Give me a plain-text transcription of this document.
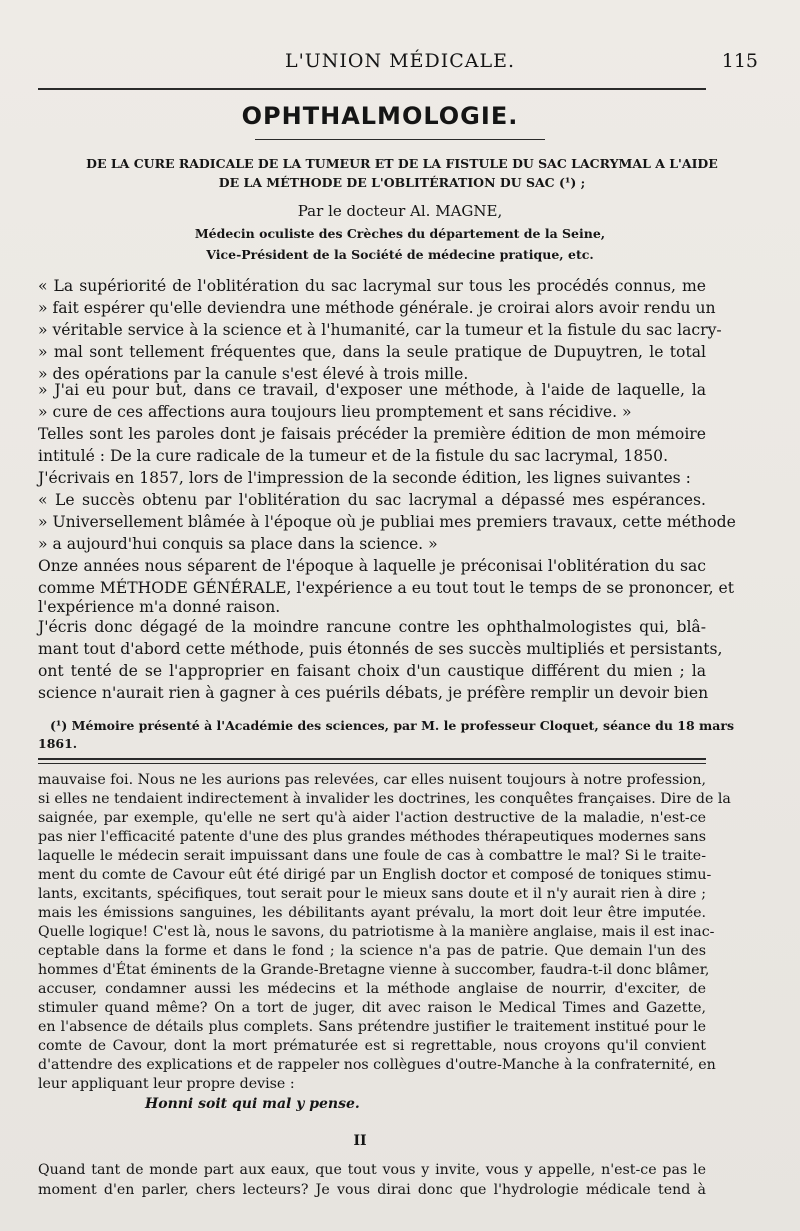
L'UNION MÉDICALE.	115
OPHTHALMOLOGIE.
DE LA CURE RADICALE DE LA TUMEUR ET DE LA FISTULE DU SAC LACRYMAL A L'AIDE
DE LA MÉTHODE DE L'OBLITÉRATION DU SAC (¹) ;
Par le docteur Al. MAGNE,
Médecin oculiste des Crèches du département de la Seine,
Vice-Président de la Société de médecine pratique, etc.
« La supériorité de l'oblitération du sac lacrymal sur tous les procédés connus, me
» fait espérer qu'elle deviendra une méthode générale. je croirai alors avoir rendu un
» véritable service à la science et à l'humanité, car la tumeur et la fistule du sac lacry-
» mal sont tellement fréquentes que, dans la seule pratique de Dupuytren, le total
» des opérations par la canule s'est élevé à trois mille.
» J'ai eu pour but, dans ce travail, d'exposer une méthode, à l'aide de laquelle, la
» cure de ces affections aura toujours lieu promptement et sans récidive. »
Telles sont les paroles dont je faisais précéder la première édition de mon mémoire
intitulé : De la cure radicale de la tumeur et de la fistule du sac lacrymal, 1850.
J'écrivais en 1857, lors de l'impression de la seconde édition, les lignes suivantes :
« Le succès obtenu par l'oblitération du sac lacrymal a dépassé mes espérances.
» Universellement blâmée à l'époque où je publiai mes premiers travaux, cette méthode
» a aujourd'hui conquis sa place dans la science. »
Onze années nous séparent de l'époque à laquelle je préconisai l'oblitération du sac
comme MÉTHODE GÉNÉRALE, l'expérience a eu tout tout le temps de se prononcer, et
l'expérience m'a donné raison.
J'écris donc dégagé de la moindre rancune contre les ophthalmologistes qui, blâ-
mant tout d'abord cette méthode, puis étonnés de ses succès multipliés et persistants,
ont tenté de se l'approprier en faisant choix d'un caustique différent du mien ; la
science n'aurait rien à gagner à ces puérils débats, je préfère remplir un devoir bien
(¹) Mémoire présenté à l'Académie des sciences, par M. le professeur Cloquet, séance du 18 mars
1861.
mauvaise foi. Nous ne les aurions pas relevées, car elles nuisent toujours à notre profession,
si elles ne tendaient indirectement à invalider les doctrines, les conquêtes françaises. Dire de la
saignée, par exemple, qu'elle ne sert qu'à aider l'action destructive de la maladie, n'est-ce
pas nier l'efficacité patente d'une des plus grandes méthodes thérapeutiques modernes sans
laquelle le médecin serait impuissant dans une foule de cas à combattre le mal? Si le traite-
ment du comte de Cavour eût été dirigé par un English doctor et composé de toniques stimu-
lants, excitants, spécifiques, tout serait pour le mieux sans doute et il n'y aurait rien à dire ;
mais les émissions sanguines, les débilitants ayant prévalu, la mort doit leur être imputée.
Quelle logique! C'est là, nous le savons, du patriotisme à la manière anglaise, mais il est inac-
ceptable dans la forme et dans le fond ; la science n'a pas de patrie. Que demain l'un des
hommes d'État éminents de la Grande-Bretagne vienne à succomber, faudra-t-il donc blâmer,
accuser, condamner aussi les médecins et la méthode anglaise de nourrir, d'exciter, de
stimuler quand même? On a tort de juger, dit avec raison le Medical Times and Gazette,
en l'absence de détails plus complets. Sans prétendre justifier le traitement institué pour le
comte de Cavour, dont la mort prématurée est si regrettable, nous croyons qu'il convient
d'attendre des explications et de rappeler nos collègues d'outre-Manche à la confraternité, en
leur appliquant leur propre devise :
Honni soit qui mal y pense.
II
Quand tant de monde part aux eaux, que tout vous y invite, vous y appelle, n'est-ce pas le
moment d'en parler, chers lecteurs? Je vous dirai donc que l'hydrologie médicale tend à
